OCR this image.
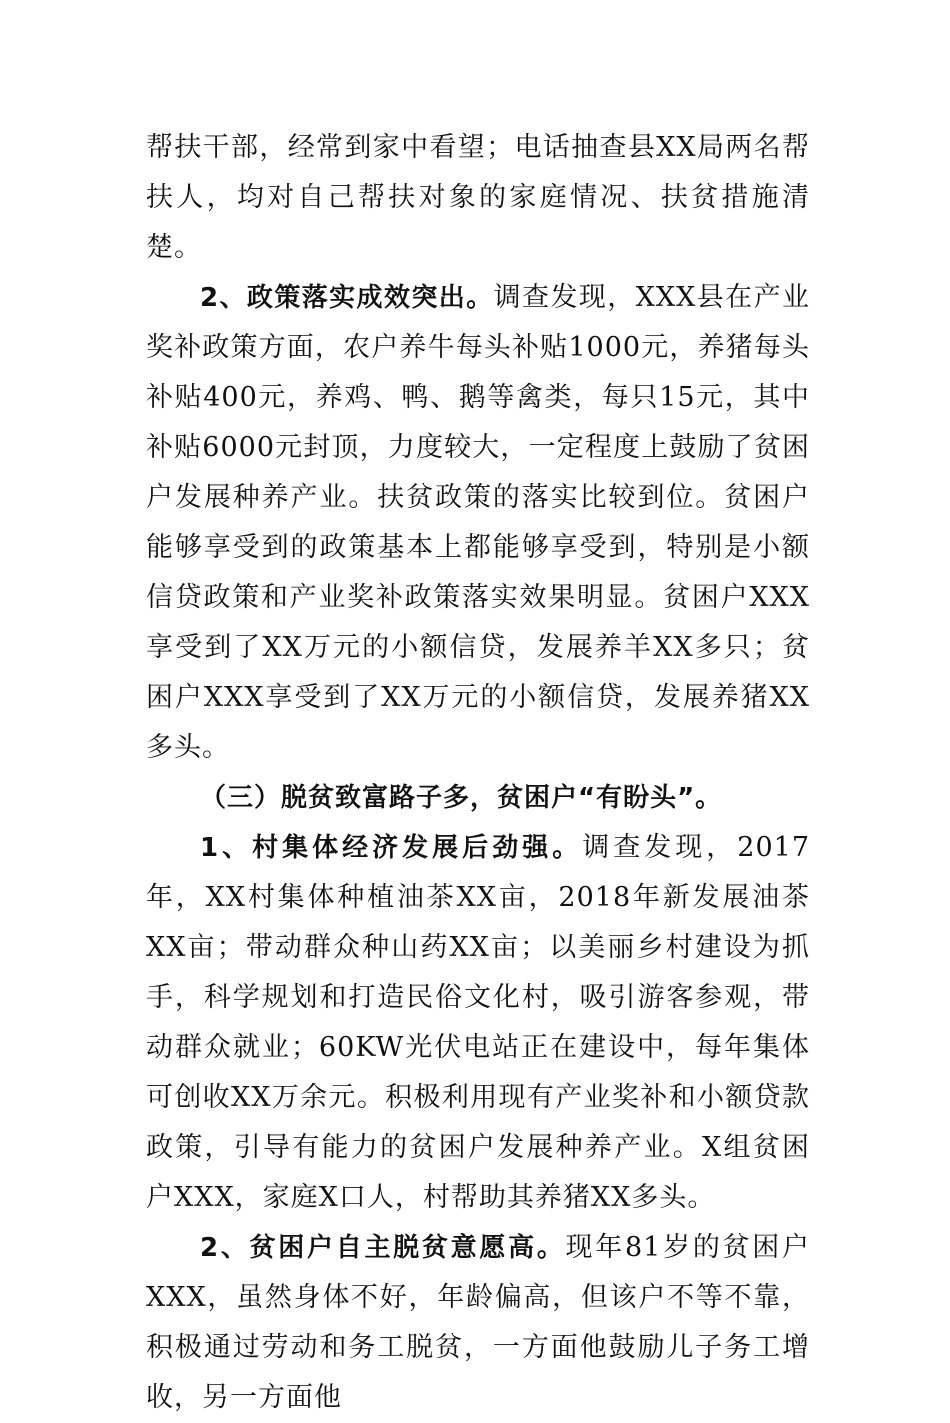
帮扶干部，经常到家中看望；电话抽查县XX局两名帮扶人，均对自己帮扶对象的家庭情况、扶贫措施清楚。

2、政策落实成效突出。调查发现，XXX县在产业奖补政策方面，农户养牛每头补贴1000元，养猪每头补贴400元，养鸡、鸭、鹅等禽类，每只15元，其中补贴6000元封顶，力度较大，一定程度上鼓励了贫困户发展种养产业。扶贫政策的落实比较到位。贫困户能够享受到的政策基本上都能够享受到，特别是小额信贷政策和产业奖补政策落实效果明显。贫困户XXX享受到了XX万元的小额信贷，发展养羊XX多只；贫困户XXX享受到了XX万元的小额信贷，发展养猪XX多头。

（三）脱贫致富路子多，贫困户“有盼头”。

1、村集体经济发展后劲强。调查发现，2017年，XX村集体种植油茶XX亩，2018年新发展油茶XX亩；带动群众种山药XX亩；以美丽乡村建设为抓手，科学规划和打造民俗文化村，吸引游客参观，带动群众就业；60KW光伏电站正在建设中，每年集体可创收XX万余元。积极利用现有产业奖补和小额贷款政策，引导有能力的贫困户发展种养产业。X组贫困户XXX，家庭X口人，村帮助其养猪XX多头。

2、贫困户自主脱贫意愿高。现年81岁的贫困户XXX，虽然身体不好，年龄偏高，但该户不等不靠，积极通过劳动和务工脱贫，一方面他鼓励儿子务工增收，另一方面他
